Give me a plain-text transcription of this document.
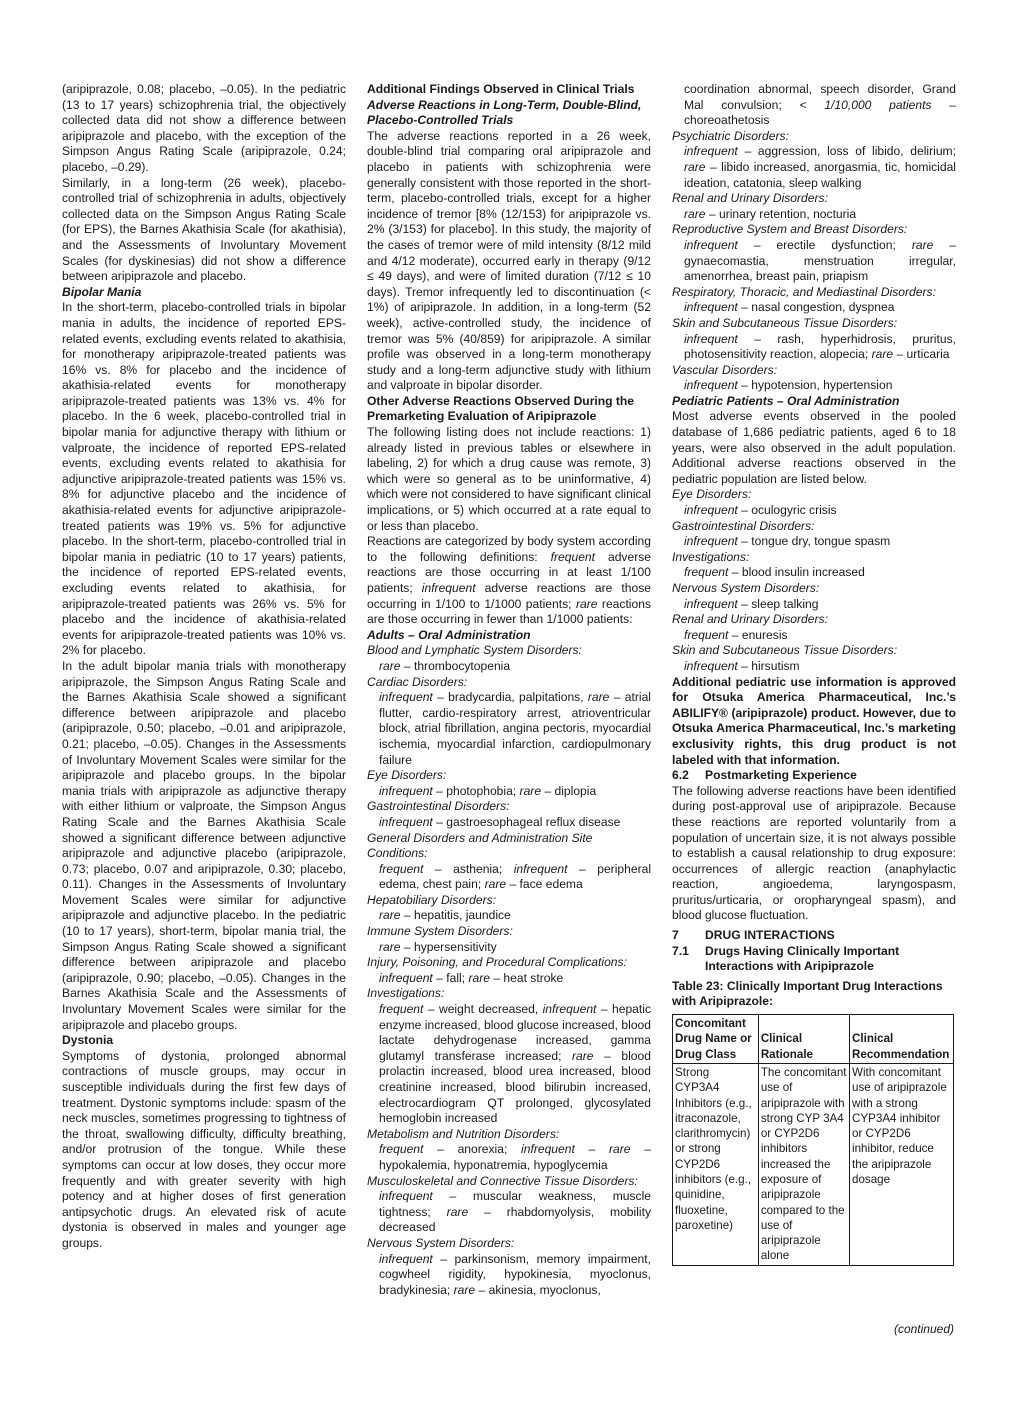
(aripiprazole, 0.08; placebo, –0.05). In the pediatric (13 to 17 years) schizophrenia trial, the objectively collected data did not show a difference between aripiprazole and placebo, with the exception of the Simpson Angus Rating Scale (aripiprazole, 0.24; placebo, –0.29).

Similarly, in a long-term (26 week), placebo-controlled trial of schizophrenia in adults, objectively collected data on the Simpson Angus Rating Scale (for EPS), the Barnes Akathisia Scale (for akathisia), and the Assessments of Involuntary Movement Scales (for dyskinesias) did not show a difference between aripiprazole and placebo.

Bipolar Mania

In the short-term, placebo-controlled trials in bipolar mania in adults, the incidence of reported EPS-related events, excluding events related to akathisia, for monotherapy aripiprazole-treated patients was 16% vs. 8% for placebo and the incidence of akathisia-related events for monotherapy aripiprazole-treated patients was 13% vs. 4% for placebo. In the 6 week, placebo-controlled trial in bipolar mania for adjunctive therapy with lithium or valproate, the incidence of reported EPS-related events, excluding events related to akathisia for adjunctive aripiprazole-treated patients was 15% vs. 8% for adjunctive placebo and the incidence of akathisia-related events for adjunctive aripiprazole-treated patients was 19% vs. 5% for adjunctive placebo. In the short-term, placebo-controlled trial in bipolar mania in pediatric (10 to 17 years) patients, the incidence of reported EPS-related events, excluding events related to akathisia, for aripiprazole-treated patients was 26% vs. 5% for placebo and the incidence of akathisia-related events for aripiprazole-treated patients was 10% vs. 2% for placebo.

In the adult bipolar mania trials with monotherapy aripiprazole, the Simpson Angus Rating Scale and the Barnes Akathisia Scale showed a significant difference between aripiprazole and placebo (aripiprazole, 0.50; placebo, –0.01 and aripiprazole, 0.21; placebo, –0.05). Changes in the Assessments of Involuntary Movement Scales were similar for the aripiprazole and placebo groups. In the bipolar mania trials with aripiprazole as adjunctive therapy with either lithium or valproate, the Simpson Angus Rating Scale and the Barnes Akathisia Scale showed a significant difference between adjunctive aripiprazole and adjunctive placebo (aripiprazole, 0.73; placebo, 0.07 and aripiprazole, 0.30; placebo, 0.11). Changes in the Assessments of Involuntary Movement Scales were similar for adjunctive aripiprazole and adjunctive placebo. In the pediatric (10 to 17 years), short-term, bipolar mania trial, the Simpson Angus Rating Scale showed a significant difference between aripiprazole and placebo (aripiprazole, 0.90; placebo, –0.05). Changes in the Barnes Akathisia Scale and the Assessments of Involuntary Movement Scales were similar for the aripiprazole and placebo groups.

Dystonia

Symptoms of dystonia, prolonged abnormal contractions of muscle groups, may occur in susceptible individuals during the first few days of treatment. Dystonic symptoms include: spasm of the neck muscles, sometimes progressing to tightness of the throat, swallowing difficulty, difficulty breathing, and/or protrusion of the tongue. While these symptoms can occur at low doses, they occur more frequently and with greater severity with high potency and at higher doses of first generation antipsychotic drugs. An elevated risk of acute dystonia is observed in males and younger age groups.

Additional Findings Observed in Clinical Trials

Adverse Reactions in Long-Term, Double-Blind, Placebo-Controlled Trials

The adverse reactions reported in a 26 week, double-blind trial comparing oral aripiprazole and placebo in patients with schizophrenia were generally consistent with those reported in the short-term, placebo-controlled trials, except for a higher incidence of tremor [8% (12/153) for aripiprazole vs. 2% (3/153) for placebo]. In this study, the majority of the cases of tremor were of mild intensity (8/12 mild and 4/12 moderate), occurred early in therapy (9/12 ≤ 49 days), and were of limited duration (7/12 ≤ 10 days). Tremor infrequently led to discontinuation (< 1%) of aripiprazole. In addition, in a long-term (52 week), active-controlled study, the incidence of tremor was 5% (40/859) for aripiprazole. A similar profile was observed in a long-term monotherapy study and a long-term adjunctive study with lithium and valproate in bipolar disorder.

Other Adverse Reactions Observed During the Premarketing Evaluation of Aripiprazole

The following listing does not include reactions: 1) already listed in previous tables or elsewhere in labeling, 2) for which a drug cause was remote, 3) which were so general as to be uninformative, 4) which were not considered to have significant clinical implications, or 5) which occurred at a rate equal to or less than placebo.

Reactions are categorized by body system according to the following definitions: frequent adverse reactions are those occurring in at least 1/100 patients; infrequent adverse reactions are those occurring in 1/100 to 1/1000 patients; rare reactions are those occurring in fewer than 1/1000 patients:

Adults – Oral Administration

Blood and Lymphatic System Disorders:

rare – thrombocytopenia

Cardiac Disorders:

infrequent – bradycardia, palpitations, rare – atrial flutter, cardio-respiratory arrest, atrioventricular block, atrial fibrillation, angina pectoris, myocardial ischemia, myocardial infarction, cardiopulmonary failure

Eye Disorders:

infrequent – photophobia; rare – diplopia

Gastrointestinal Disorders:

infrequent – gastroesophageal reflux disease

General Disorders and Administration Site Conditions:

frequent – asthenia; infrequent – peripheral edema, chest pain; rare – face edema

Hepatobiliary Disorders:

rare – hepatitis, jaundice

Immune System Disorders:

rare – hypersensitivity

Injury, Poisoning, and Procedural Complications:

infrequent – fall; rare – heat stroke

Investigations:

frequent – weight decreased, infrequent – hepatic enzyme increased, blood glucose increased, blood lactate dehydrogenase increased, gamma glutamyl transferase increased; rare – blood prolactin increased, blood urea increased, blood creatinine increased, blood bilirubin increased, electrocardiogram QT prolonged, glycosylated hemoglobin increased

Metabolism and Nutrition Disorders:

frequent – anorexia; infrequent – rare – hypokalemia, hyponatremia, hypoglycemia

Musculoskeletal and Connective Tissue Disorders:

infrequent – muscular weakness, muscle tightness; rare – rhabdomyolysis, mobility decreased

Nervous System Disorders:

infrequent – parkinsonism, memory impairment, cogwheel rigidity, hypokinesia, myoclonus, bradykinesia; rare – akinesia, myoclonus,

coordination abnormal, speech disorder, Grand Mal convulsion; < 1/10,000 patients – choreoathetosis

Psychiatric Disorders:

infrequent – aggression, loss of libido, delirium; rare – libido increased, anorgasmia, tic, homicidal ideation, catatonia, sleep walking

Renal and Urinary Disorders:

rare – urinary retention, nocturia

Reproductive System and Breast Disorders:

infrequent – erectile dysfunction; rare – gynaecomastia, menstruation irregular, amenorrhea, breast pain, priapism

Respiratory, Thoracic, and Mediastinal Disorders:

infrequent – nasal congestion, dyspnea

Skin and Subcutaneous Tissue Disorders:

infrequent – rash, hyperhidrosis, pruritus, photosensitivity reaction, alopecia; rare – urticaria

Vascular Disorders:

infrequent – hypotension, hypertension

Pediatric Patients – Oral Administration

Most adverse events observed in the pooled database of 1,686 pediatric patients, aged 6 to 18 years, were also observed in the adult population. Additional adverse reactions observed in the pediatric population are listed below.

Eye Disorders:

infrequent – oculogyric crisis

Gastrointestinal Disorders:

infrequent – tongue dry, tongue spasm

Investigations:

frequent – blood insulin increased

Nervous System Disorders:

infrequent – sleep talking

Renal and Urinary Disorders:

frequent – enuresis

Skin and Subcutaneous Tissue Disorders:

infrequent – hirsutism

Additional pediatric use information is approved for Otsuka America Pharmaceutical, Inc.’s ABILIFY® (aripiprazole) product. However, due to Otsuka America Pharmaceutical, Inc.’s marketing exclusivity rights, this drug product is not labeled with that information.

6.2	Postmarketing Experience

The following adverse reactions have been identified during post-approval use of aripiprazole. Because these reactions are reported voluntarily from a population of uncertain size, it is not always possible to establish a causal relationship to drug exposure: occurrences of allergic reaction (anaphylactic reaction, angioedema, laryngospasm, pruritus/urticaria, or oropharyngeal spasm), and blood glucose fluctuation.

7	DRUG INTERACTIONS

7.1	Drugs Having Clinically Important Interactions with Aripiprazole

Table 23: Clinically Important Drug Interactions with Aripiprazole:

Concomitant Drug Name or Drug Class	Clinical Rationale	Clinical Recommendation
Strong CYP3A4 Inhibitors (e.g., itraconazole, clarithromycin) or strong CYP2D6 inhibitors (e.g., quinidine, fluoxetine, paroxetine)	The concomitant use of aripiprazole with strong CYP 3A4 or CYP2D6 inhibitors increased the exposure of aripiprazole compared to the use of aripiprazole alone	With concomitant use of aripiprazole with a strong CYP3A4 inhibitor or CYP2D6 inhibitor, reduce the aripiprazole dosage
(continued)
